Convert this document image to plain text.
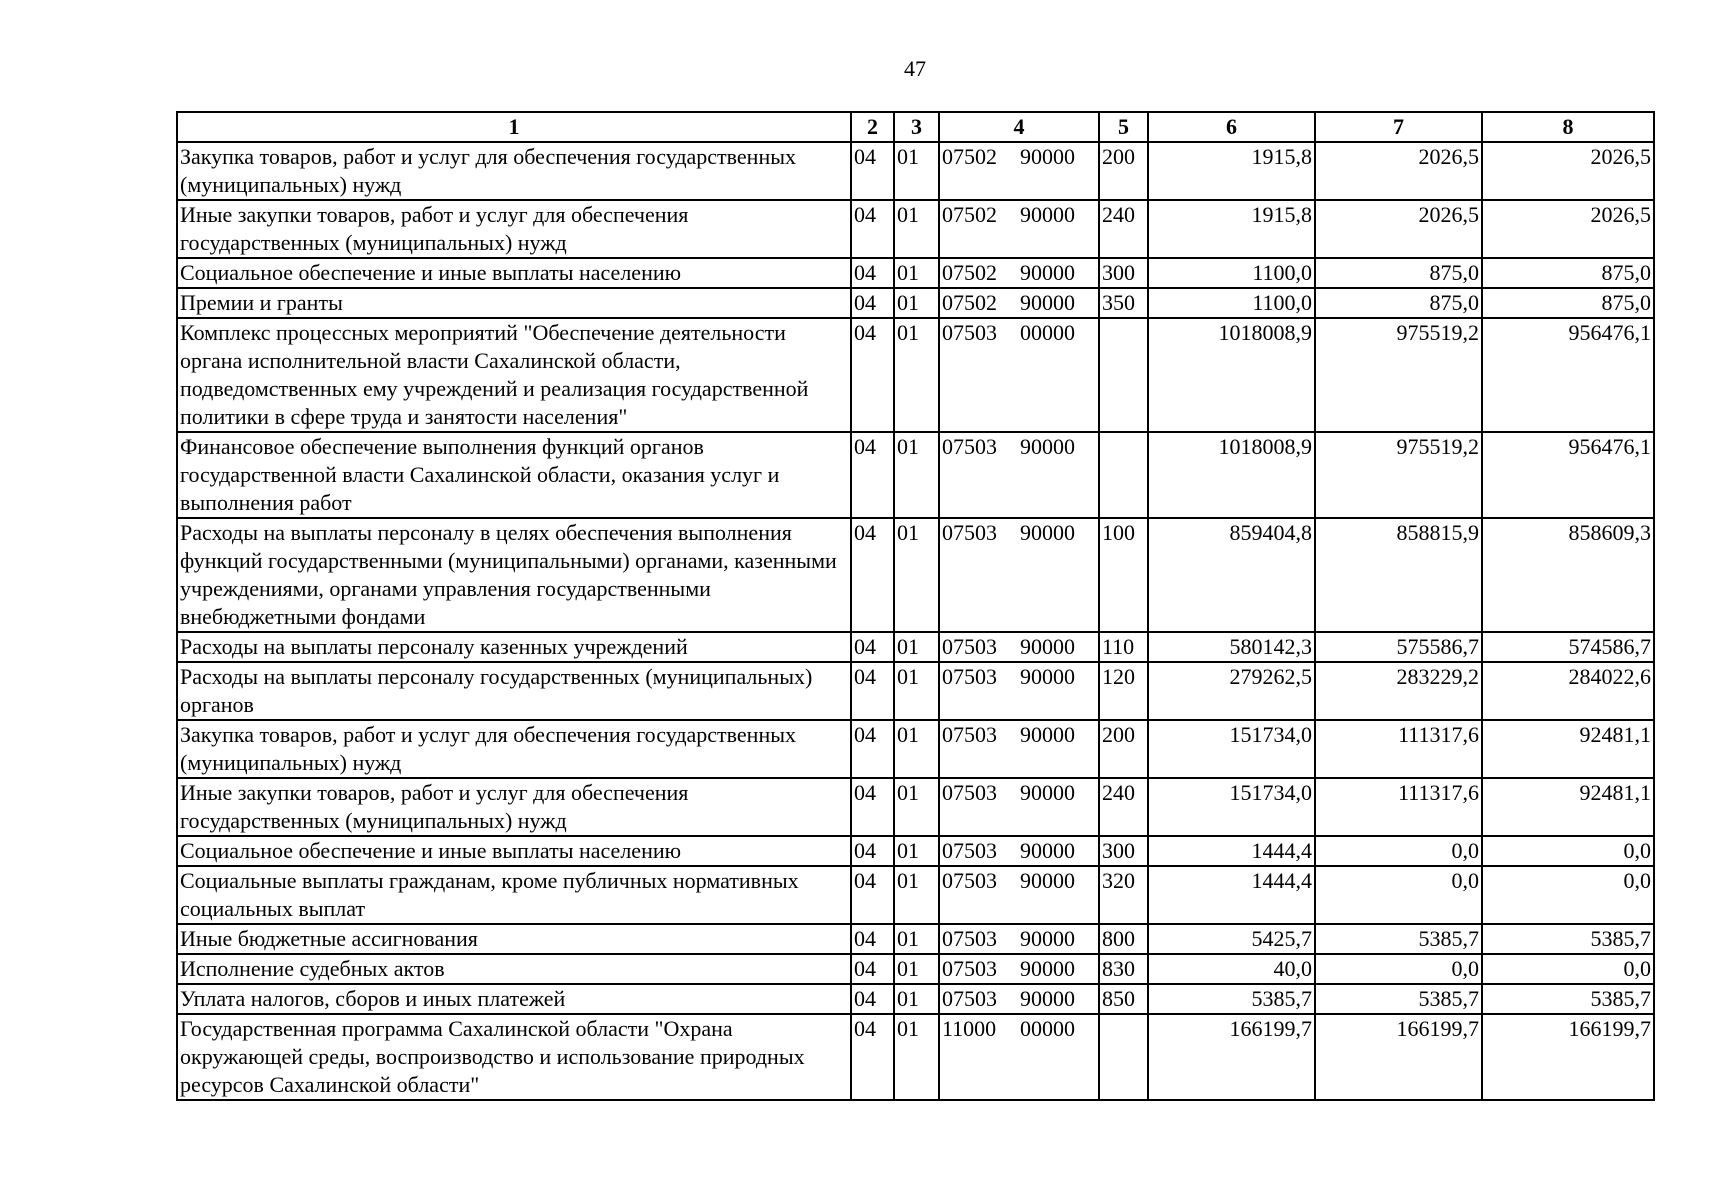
47
1	2	3	4	5	6	7	8
Закупка товаров, работ и услуг для обеспечения государственных (муниципальных) нужд	04	01	07502 90000	200	1915,8	2026,5	2026,5
Иные закупки товаров, работ и услуг для обеспечения государственных (муниципальных) нужд	04	01	07502 90000	240	1915,8	2026,5	2026,5
Социальное обеспечение и иные выплаты населению	04	01	07502 90000	300	1100,0	875,0	875,0
Премии и гранты	04	01	07502 90000	350	1100,0	875,0	875,0
Комплекс процессных мероприятий "Обеспечение деятельности органа исполнительной власти Сахалинской области, подведомственных ему учреждений и реализация государственной политики в сфере труда и занятости населения"	04	01	07503 00000		1018008,9	975519,2	956476,1
Финансовое обеспечение выполнения функций органов государственной власти Сахалинской области, оказания услуг и выполнения работ	04	01	07503 90000		1018008,9	975519,2	956476,1
Расходы на выплаты персоналу в целях обеспечения выполнения функций государственными (муниципальными) органами, казенными учреждениями, органами управления государственными внебюджетными фондами	04	01	07503 90000	100	859404,8	858815,9	858609,3
Расходы на выплаты персоналу казенных учреждений	04	01	07503 90000	110	580142,3	575586,7	574586,7
Расходы на выплаты персоналу государственных (муниципальных) органов	04	01	07503 90000	120	279262,5	283229,2	284022,6
Закупка товаров, работ и услуг для обеспечения государственных (муниципальных) нужд	04	01	07503 90000	200	151734,0	111317,6	92481,1
Иные закупки товаров, работ и услуг для обеспечения государственных (муниципальных) нужд	04	01	07503 90000	240	151734,0	111317,6	92481,1
Социальное обеспечение и иные выплаты населению	04	01	07503 90000	300	1444,4	0,0	0,0
Социальные выплаты гражданам, кроме публичных нормативных социальных выплат	04	01	07503 90000	320	1444,4	0,0	0,0
Иные бюджетные ассигнования	04	01	07503 90000	800	5425,7	5385,7	5385,7
Исполнение судебных актов	04	01	07503 90000	830	40,0	0,0	0,0
Уплата налогов, сборов и иных платежей	04	01	07503 90000	850	5385,7	5385,7	5385,7
Государственная программа Сахалинской области "Охрана окружающей среды, воспроизводство и использование природных ресурсов Сахалинской области"	04	01	11000 00000		166199,7	166199,7	166199,7
